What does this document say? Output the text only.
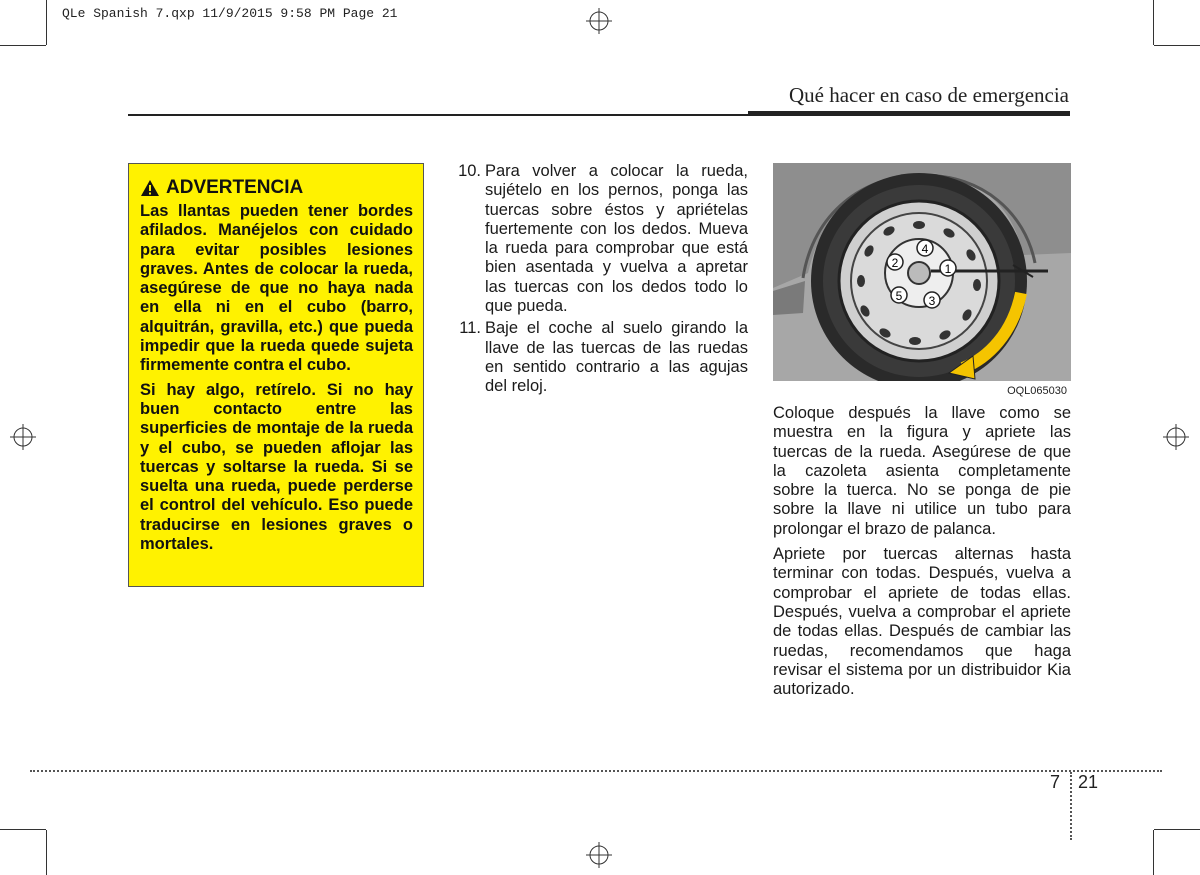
QLe Spanish 7.qxp 11/9/2015 9:58 PM Page 21
Qué hacer en caso de emergencia
ADVERTENCIA

Las llantas pueden tener bordes afilados. Manéjelos con cuidado para evitar posibles lesiones graves. Antes de colocar la rueda, asegúrese de que no haya nada en ella ni en el cubo (barro, alquitrán, gravilla, etc.) que pueda impedir que la rueda quede sujeta firmemente contra el cubo.

Si hay algo, retírelo. Si no hay buen contacto entre las superficies de montaje de la rueda y el cubo, se pueden aflojar las tuercas y soltarse la rueda. Si se suelta una rueda, puede perderse el control del vehículo. Eso puede traducirse en lesiones graves o mortales.

10. Para volver a colocar la rueda, sujételo en los pernos, ponga las tuercas sobre éstos y apriételas fuertemente con los dedos. Mueva la rueda para comprobar que está bien asentada y vuelva a apretar las tuercas con los dedos todo lo que pueda.
11. Baje el coche al suelo girando la llave de las tuercas de las ruedas en sentido contrario a las agujas del reloj.
1
2
3
4
5
OQL065030

Coloque después la llave como se muestra en la figura y apriete las tuercas de la rueda. Asegúrese de que la cazoleta asienta completamente sobre la tuerca. No se ponga de pie sobre la llave ni utilice un tubo para prolongar el brazo de palanca.

Apriete por tuercas alternas hasta terminar con todas. Después, vuelva a comprobar el apriete de todas ellas. Después, vuelva a comprobar el apriete de todas ellas. Después de cambiar las ruedas, recomendamos que haga revisar el sistema por un distribuidor Kia autorizado.

7 21
